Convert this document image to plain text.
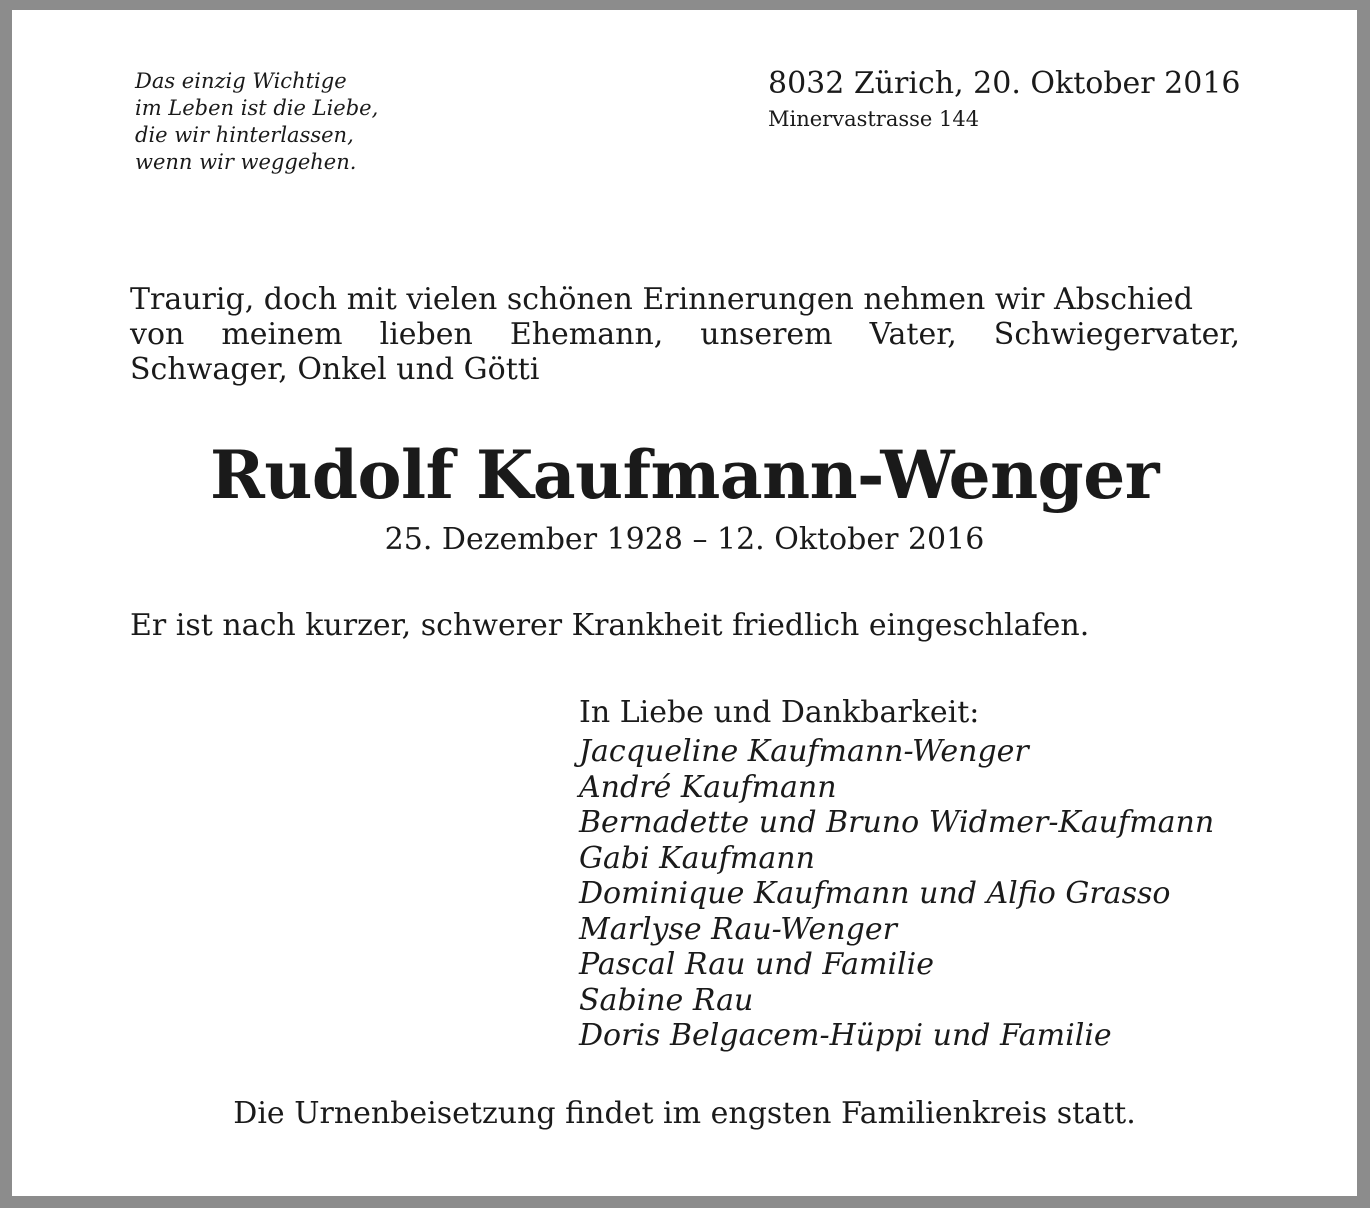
Das einzig Wichtige
im Leben ist die Liebe,
die wir hinterlassen,
wenn wir weggehen.
8032 Zürich, 20. Oktober 2016
Minervastrasse 144
Traurig, doch mit vielen schönen Erinnerungen nehmen wir Abschied
von meinem lieben Ehemann, unserem Vater, Schwiegervater,
Schwager, Onkel und Götti
Rudolf Kaufmann-Wenger
25. Dezember 1928 – 12. Oktober 2016
Er ist nach kurzer, schwerer Krankheit friedlich eingeschlafen.
In Liebe und Dankbarkeit:
Jacqueline Kaufmann-Wenger
André Kaufmann
Bernadette und Bruno Widmer-Kaufmann
Gabi Kaufmann
Dominique Kaufmann und Alfio Grasso
Marlyse Rau-Wenger
Pascal Rau und Familie
Sabine Rau
Doris Belgacem-Hüppi und Familie
Die Urnenbeisetzung findet im engsten Familienkreis statt.
